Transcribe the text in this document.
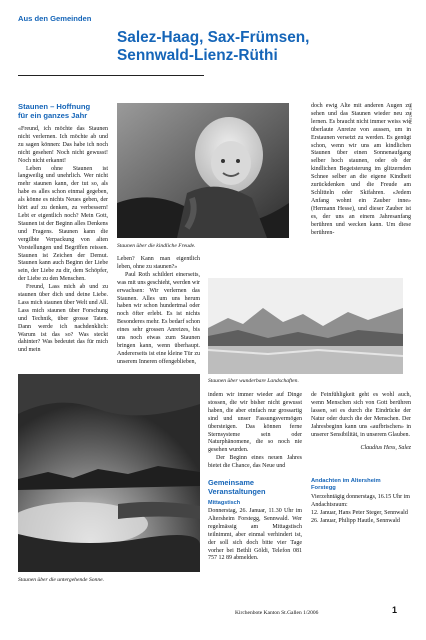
Aus den Gemeinden
Salez-Haag, Sax-Frümsen,
Sennwald-Lienz-Rüthi
Staunen – Hoffnung
für ein ganzes Jahr

«Freund, ich möchte das Staunen nicht verlernen. Ich möchte ab und zu sagen können: Das habe ich noch nicht gesehen! Noch nicht gewusst! Noch nicht erkannt!

Leben ohne Staunen ist langweilig und unehrlich. Wer nicht mehr staunen kann, der tut so, als habe es alles schon einmal gegeben, als könne es nichts Neues geben, der hört auf zu denken, zu verbessern! Lebt er eigentlich noch? Mein Gott, Staunen ist der Beginn alles Denkens und Fragens. Staunen kann die vergilbte Verpackung von alten Vorstellungen und Begriffen reissen. Staunen ist Zeichen der Demut. Staunen kann auch Beginn der Liebe sein, der Liebe zu dir, dem Schöpfer, der Liebe zu den Menschen.

Freund, Lass mich ab und zu staunen über dich und deine Liebe. Lass mich staunen über Welt und All. Lass mich staunen über Forschung und Technik, über grosse Taten. Dann werde ich nachdenklich: Warum ist das so? Was steckt dahinter? Was bedeutet das für mich und mein

FOTOS: ZVG
Staunen über die kindliche Freude.

Leben? Kann man eigentlich leben, ohne zu staunen?»

Paul Roth schildert einerseits, was mit uns geschieht, werden wir erwachsen: Wir verlernen das Staunen. Alles um uns herum haben wir schon hundertmal oder noch öfter erlebt. Es ist nichts Besonderes mehr. Es bedarf schon eines sehr grossen Anreizes, bis uns noch etwas zum Staunen bringen kann, wenn überhaupt. Andererseits ist eine kleine Tür zu unserem Inneren offengeblieben,

doch ewig Alte mit anderen Augen zu sehen und das Staunen wieder neu zu lernen. Es braucht nicht immer weiss wie überlaute Anreize von aussen, um in Erstaunen versetzt zu werden. Es genügt schon, wenn wir uns am kindlichen Staunen über einen Sonnenaufgang selber hoch staunen, oder ob der kindlichen Begeisterung im glitzernden Schnee selber an die eigene Kindheit zurückdenken und die Freude am Schlitteln oder Skifahren. «Jedem Anfang wohnt ein Zauber inne» (Hermann Hesse), und dieser Zauber ist es, der uns an einem Jahresanfang berühren und wecken kann. Um diese berühren-

Staunen über wunderbare Landschaften.
Staunen über die untergehende Sonne.

indem wir immer wieder auf Dinge stossen, die wir bisher nicht gewusst haben, die aber einfach nur grossartig sind und unser Fassungsvermögen übersteigen. Das können ferne Sternsysteme sein oder Naturphänomene, die so noch nie gesehen wurden.

Der Beginn eines neuen Jahres bietet die Chance, das Neue und

de Feinfühligkeit geht es wohl auch, wenn Menschen sich von Gott berühren lassen, sei es durch die Eindrücke der Natur oder durch die der Menschen. Der Jahresbeginn kann uns «aufbrischen» in unserer Sensibilität, in unserem Glauben.

Claudius Hess, Salez

Gemeinsame
Veranstaltungen
Mittagstisch
Donnerstag, 26. Januar, 11.30 Uhr im Altersheim Forstegg, Sennwald. Wer regelmässig am Mittagstisch teilnimmt, aber einmal verhindert ist, der soll sich doch bitte vier Tage vorher bei Bethli Göldi, Telefon 081 757 12 89 abmelden.
Andachten im Altersheim Forstegg
Vierzehntägig donnerstags, 16.15 Uhr im Andachtsraum:
12. Januar, Hans Peter Steger, Sennwald
26. Januar, Philipp Hautle, Sennwald
Kirchenbote Kanton St.Gallen 1/2006	1
